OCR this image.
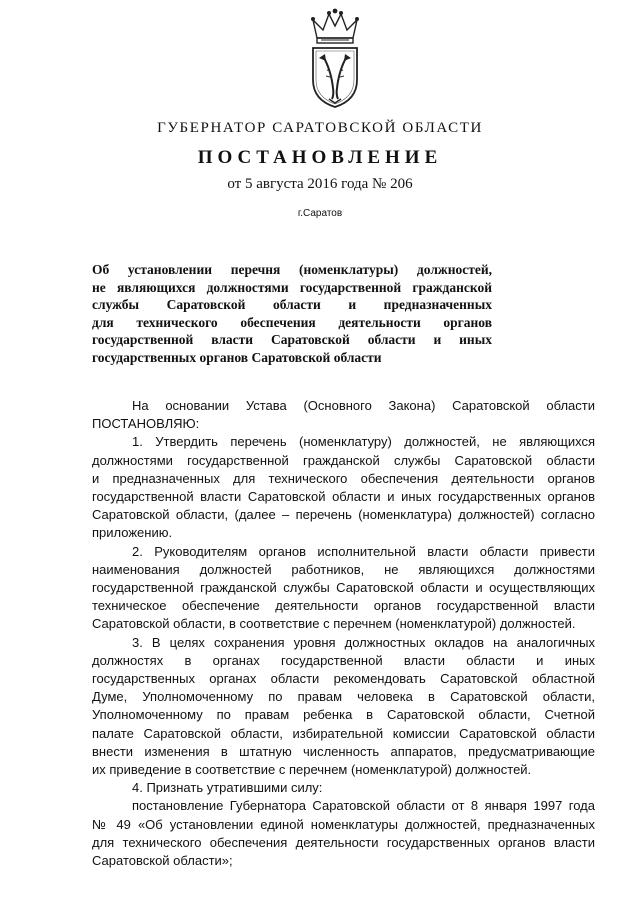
ГУБЕРНАТОР САРАТОВСКОЙ ОБЛАСТИ
ПОСТАНОВЛЕНИЕ
от 5 августа 2016 года № 206
г.Саратов
Об установлении перечня (номенклатуры) должностей,
не являющихся должностями государственной гражданской
службы Саратовской области и предназначенных
для технического обеспечения деятельности органов
государственной власти Саратовской области и иных
государственных органов Саратовской области
На основании Устава (Основного Закона) Саратовской области
ПОСТАНОВЛЯЮ:
1. Утвердить перечень (номенклатуру) должностей, не являющихся
должностями государственной гражданской службы Саратовской области
и предназначенных для технического обеспечения деятельности органов
государственной власти Саратовской области и иных государственных органов
Саратовской области, (далее – перечень (номенклатура) должностей) согласно
приложению.
2. Руководителям органов исполнительной власти области привести
наименования должностей работников, не являющихся должностями
государственной гражданской службы Саратовской области и осуществляющих
техническое обеспечение деятельности органов государственной власти
Саратовской области, в соответствие с перечнем (номенклатурой) должностей.
3. В целях сохранения уровня должностных окладов на аналогичных
должностях в органах государственной власти области и иных
государственных органах области рекомендовать Саратовской областной
Думе, Уполномоченному по правам человека в Саратовской области,
Уполномоченному по правам ребенка в Саратовской области, Счетной
палате Саратовской области, избирательной комиссии Саратовской области
внести изменения в штатную численность аппаратов, предусматривающие
их приведение в соответствие с перечнем (номенклатурой) должностей.
4. Признать утратившими силу:
постановление Губернатора Саратовской области от 8 января 1997 года
№ 49 «Об установлении единой номенклатуры должностей, предназначенных
для технического обеспечения деятельности государственных органов власти
Саратовской области»;
